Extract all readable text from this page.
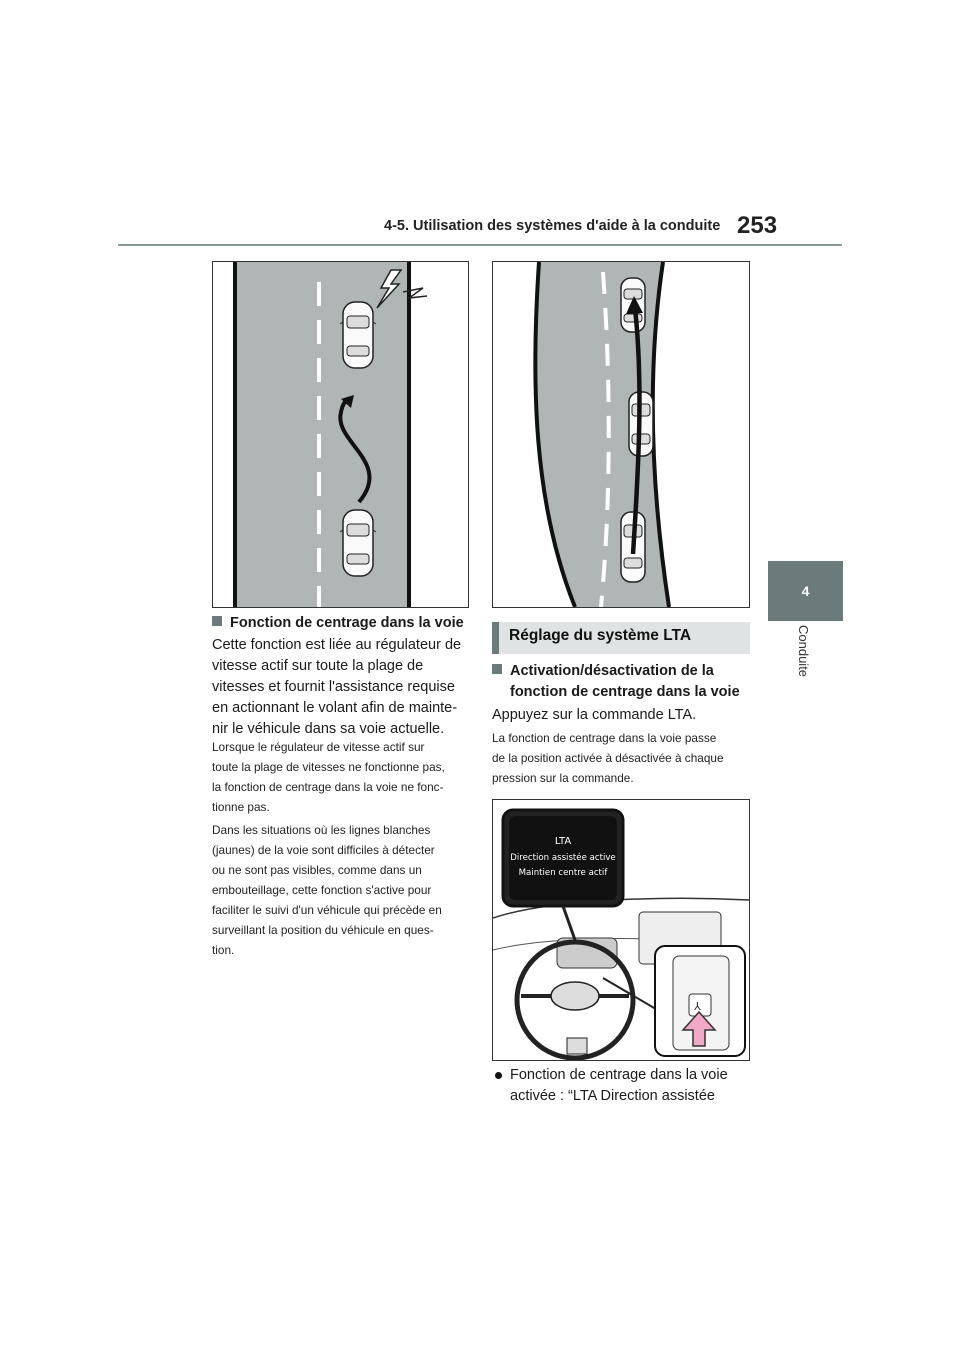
4-5. Utilisation des systèmes d'aide à la conduite 253
4
Conduite
Fonction de centrage dans la voie
Cette fonction est liée au régulateur de
vitesse actif sur toute la plage de
vitesses et fournit l'assistance requise
en actionnant le volant afin de mainte-
nir le véhicule dans sa voie actuelle.
Lorsque le régulateur de vitesse actif sur
toute la plage de vitesses ne fonctionne pas,
la fonction de centrage dans la voie ne fonc-
tionne pas.
Dans les situations où les lignes blanches
(jaunes) de la voie sont difficiles à détecter
ou ne sont pas visibles, comme dans un
embouteillage, cette fonction s'active pour
faciliter le suivi d'un véhicule qui précède en
surveillant la position du véhicule en ques-
tion.
Réglage du système LTA
Activation/désactivation de la
fonction de centrage dans la voie
Appuyez sur la commande LTA.
La fonction de centrage dans la voie passe
de la position activée à désactivée à chaque
pression sur la commande.
⅄
LTA
Direction assistée active
Maintien centre actif
Fonction de centrage dans la voie
activée : “LTA Direction assistée
